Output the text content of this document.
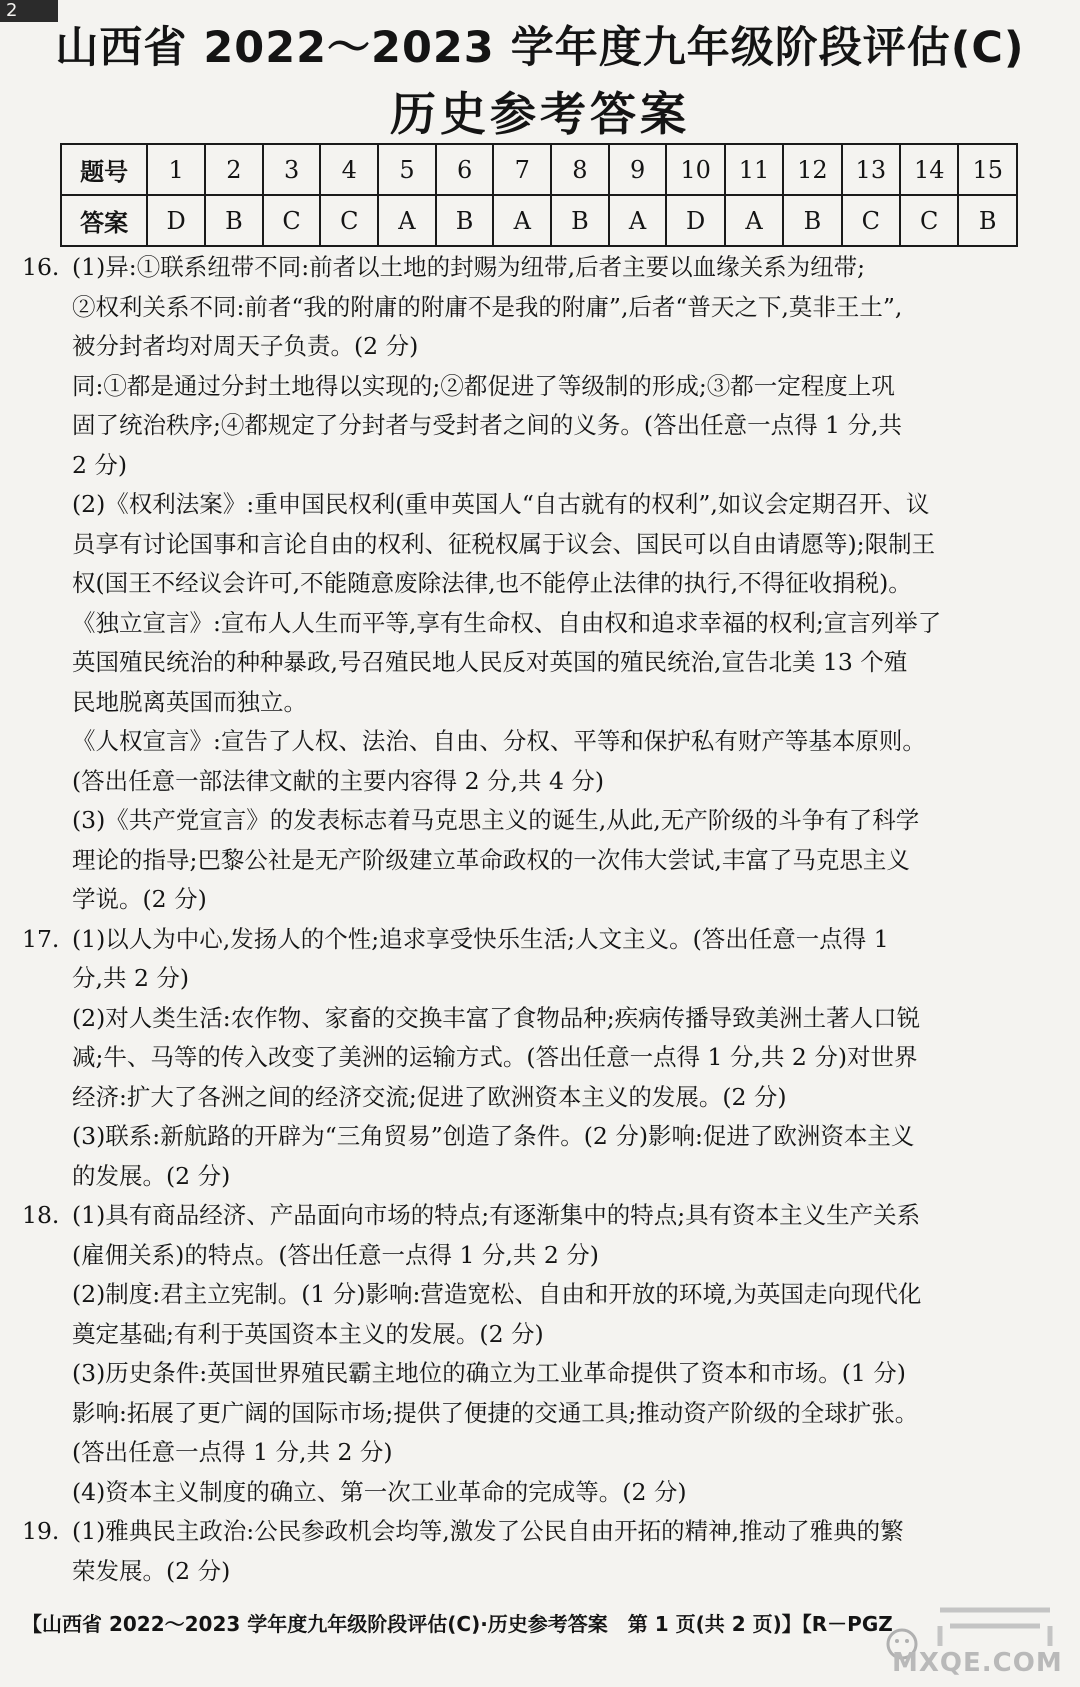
2
山西省 2022～2023 学年度九年级阶段评估(C)
历史参考答案
题号	1	2	3	4	5	6	7	8	9	10	11	12	13	14	15
答案	D	B	C	C	A	B	A	B	A	D	A	B	C	C	B
16. (1)异:①联系纽带不同:前者以土地的封赐为纽带,后者主要以血缘关系为纽带;
②权利关系不同:前者“我的附庸的附庸不是我的附庸”,后者“普天之下,莫非王土”,
被分封者均对周天子负责。(2 分)
同:①都是通过分封土地得以实现的;②都促进了等级制的形成;③都一定程度上巩
固了统治秩序;④都规定了分封者与受封者之间的义务。(答出任意一点得 1 分,共
2 分)
(2)《权利法案》:重申国民权利(重申英国人“自古就有的权利”,如议会定期召开、议
员享有讨论国事和言论自由的权利、征税权属于议会、国民可以自由请愿等);限制王
权(国王不经议会许可,不能随意废除法律,也不能停止法律的执行,不得征收捐税)。
《独立宣言》:宣布人人生而平等,享有生命权、自由权和追求幸福的权利;宣言列举了
英国殖民统治的种种暴政,号召殖民地人民反对英国的殖民统治,宣告北美 13 个殖
民地脱离英国而独立。
《人权宣言》:宣告了人权、法治、自由、分权、平等和保护私有财产等基本原则。
(答出任意一部法律文献的主要内容得 2 分,共 4 分)
(3)《共产党宣言》的发表标志着马克思主义的诞生,从此,无产阶级的斗争有了科学
理论的指导;巴黎公社是无产阶级建立革命政权的一次伟大尝试,丰富了马克思主义
学说。(2 分)
17. (1)以人为中心,发扬人的个性;追求享受快乐生活;人文主义。(答出任意一点得 1
分,共 2 分)
(2)对人类生活:农作物、家畜的交换丰富了食物品种;疾病传播导致美洲土著人口锐
减;牛、马等的传入改变了美洲的运输方式。(答出任意一点得 1 分,共 2 分)对世界
经济:扩大了各洲之间的经济交流;促进了欧洲资本主义的发展。(2 分)
(3)联系:新航路的开辟为“三角贸易”创造了条件。(2 分)影响:促进了欧洲资本主义
的发展。(2 分)
18. (1)具有商品经济、产品面向市场的特点;有逐渐集中的特点;具有资本主义生产关系
(雇佣关系)的特点。(答出任意一点得 1 分,共 2 分)
(2)制度:君主立宪制。(1 分)影响:营造宽松、自由和开放的环境,为英国走向现代化
奠定基础;有利于英国资本主义的发展。(2 分)
(3)历史条件:英国世界殖民霸主地位的确立为工业革命提供了资本和市场。(1 分)
影响:拓展了更广阔的国际市场;提供了便捷的交通工具;推动资产阶级的全球扩张。
(答出任意一点得 1 分,共 2 分)
(4)资本主义制度的确立、第一次工业革命的完成等。(2 分)
19. (1)雅典民主政治:公民参政机会均等,激发了公民自由开拓的精神,推动了雅典的繁
荣发展。(2 分)
【山西省 2022～2023 学年度九年级阶段评估(C)·历史参考答案　第 1 页(共 2 页)】【R－PGZ
MXQE.COM
